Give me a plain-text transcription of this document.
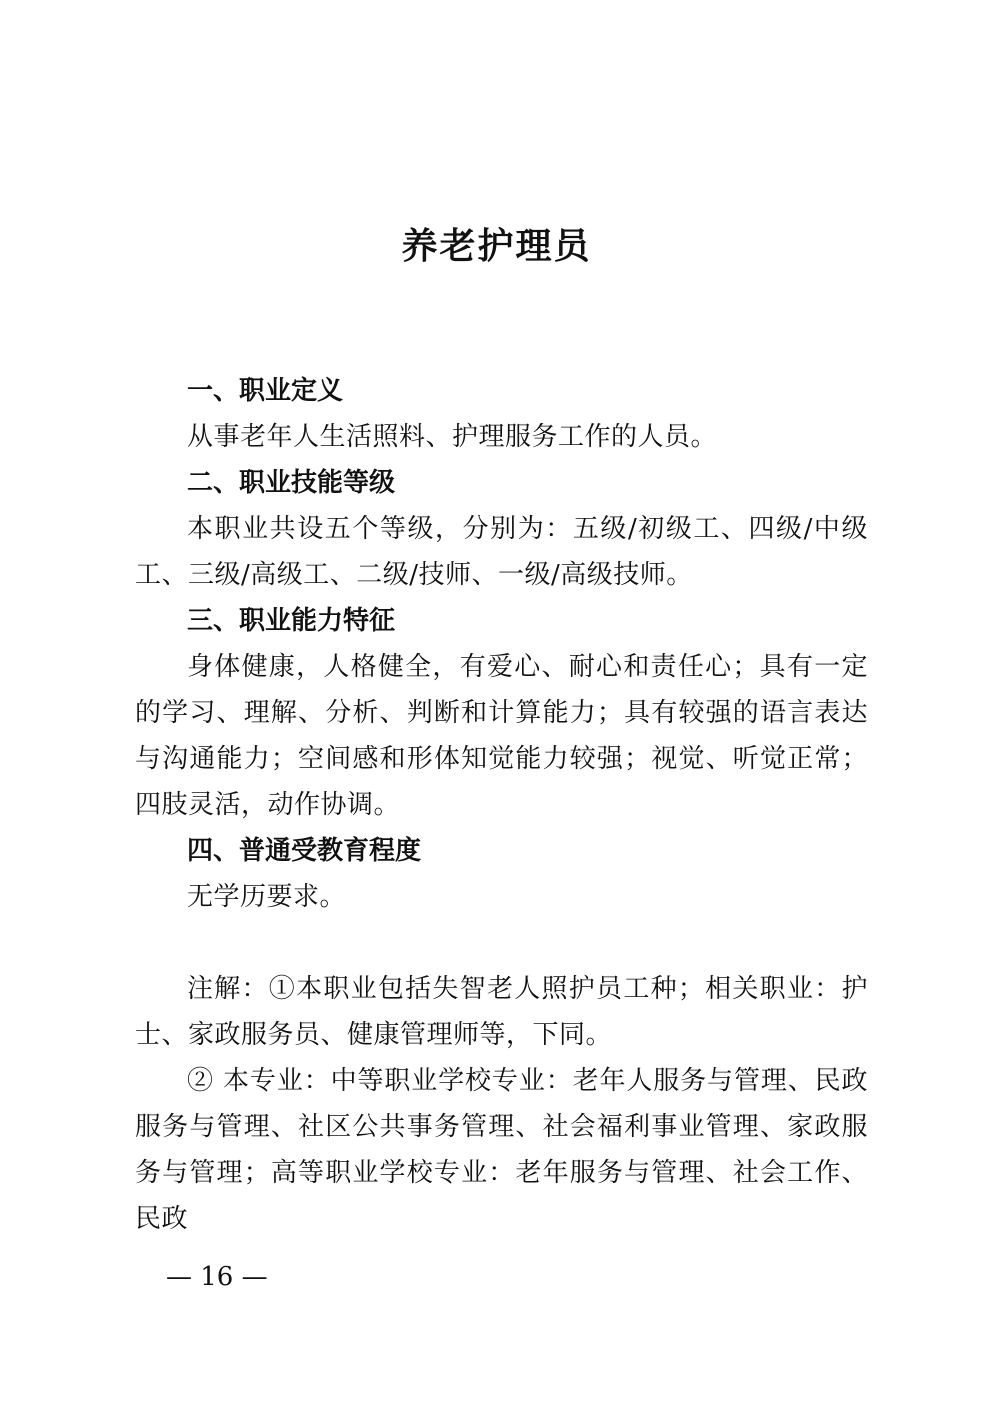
养老护理员

一、职业定义

从事老年人生活照料、护理服务工作的人员。

二、职业技能等级

本职业共设五个等级，分别为：五级/初级工、四级/中级工、三级/高级工、二级/技师、一级/高级技师。

三、职业能力特征

身体健康，人格健全，有爱心、耐心和责任心；具有一定的学习、理解、分析、判断和计算能力；具有较强的语言表达与沟通能力；空间感和形体知觉能力较强；视觉、听觉正常；四肢灵活，动作协调。

四、普通受教育程度

无学历要求。

注解：①本职业包括失智老人照护员工种；相关职业：护士、家政服务员、健康管理师等，下同。

② 本专业：中等职业学校专业：老年人服务与管理、民政服务与管理、社区公共事务管理、社会福利事业管理、家政服务与管理；高等职业学校专业：老年服务与管理、社会工作、民政

— 16 —
